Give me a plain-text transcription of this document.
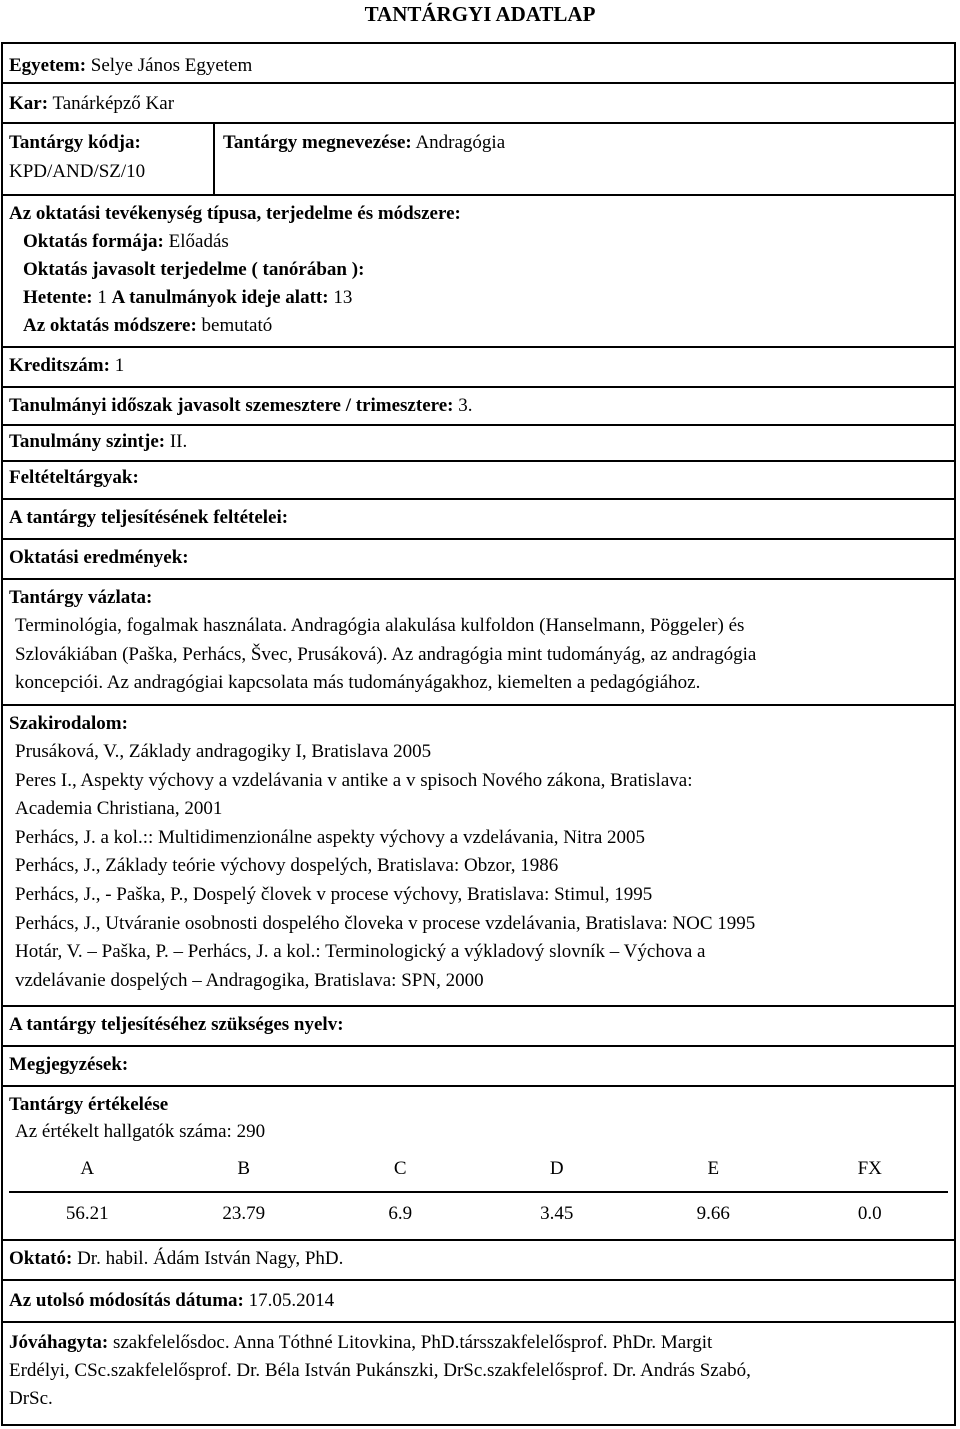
TANTÁRGYI ADATLAP
Egyetem: Selye János Egyetem
Kar: Tanárképző Kar
Tantárgy kódja:
KPD/AND/SZ/10
Tantárgy megnevezése: Andragógia
Az oktatási tevékenység típusa, terjedelme és módszere:
Oktatás formája: Előadás
Oktatás javasolt terjedelme ( tanórában ):
Hetente: 1 A tanulmányok ideje alatt: 13
Az oktatás módszere: bemutató
Kreditszám: 1
Tanulmányi időszak javasolt szemesztere / trimesztere: 3.
Tanulmány szintje: II.
Feltételtárgyak:
A tantárgy teljesítésének feltételei:
Oktatási eredmények:
Tantárgy vázlata:
Terminológia, fogalmak használata. Andragógia alakulása kulfoldon (Hanselmann, Pöggeler) és
Szlovákiában (Paška, Perhács, Švec, Prusáková). Az andragógia mint tudományág, az andragógia
koncepciói. Az andragógiai kapcsolata más tudományágakhoz, kiemelten a pedagógiához.
Szakirodalom:
Prusáková, V., Základy andragogiky I, Bratislava 2005
Peres I., Aspekty výchovy a vzdelávania v antike a v spisoch Nového zákona, Bratislava:
Academia Christiana, 2001
Perhács, J. a kol.:: Multidimenzionálne aspekty výchovy a vzdelávania, Nitra 2005
Perhács, J., Základy teórie výchovy dospelých, Bratislava: Obzor, 1986
Perhács, J., - Paška, P., Dospelý človek v procese výchovy, Bratislava: Stimul, 1995
Perhács, J., Utváranie osobnosti dospelého človeka v procese vzdelávania, Bratislava: NOC 1995
Hotár, V. – Paška, P. – Perhács, J. a kol.: Terminologický a výkladový slovník – Výchova a
vzdelávanie dospelých – Andragogika, Bratislava: SPN, 2000
A tantárgy teljesítéséhez szükséges nyelv:
Megjegyzések:
Tantárgy értékelése
Az értékelt hallgatók száma: 290
A	B	C	D	E	FX
56.21	23.79	6.9	3.45	9.66	0.0
Oktató: Dr. habil. Ádám István Nagy, PhD.
Az utolsó módosítás dátuma: 17.05.2014
Jóváhagyta: szakfelelősdoc. Anna Tóthné Litovkina, PhD.társszakfelelősprof. PhDr. Margit
Erdélyi, CSc.szakfelelősprof. Dr. Béla István Pukánszki, DrSc.szakfelelősprof. Dr. András Szabó,
DrSc.
